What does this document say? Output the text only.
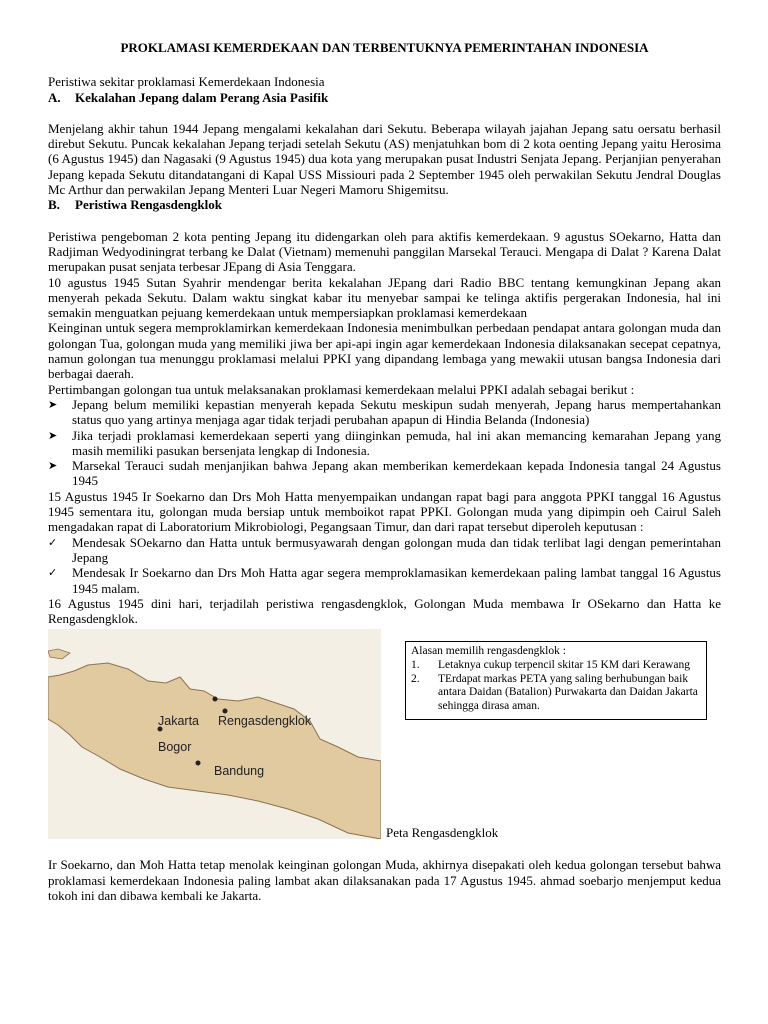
PROKLAMASI KEMERDEKAAN DAN TERBENTUKNYA PEMERINTAHAN INDONESIA

Peristiwa sekitar proklamasi Kemerdekaan Indonesia

A.	Kekalahan Jepang dalam Perang Asia Pasifik

Menjelang akhir tahun 1944 Jepang mengalami kekalahan dari Sekutu. Beberapa wilayah jajahan Jepang satu oersatu berhasil direbut Sekutu. Puncak kekalahan Jepang terjadi setelah Sekutu (AS) menjatuhkan bom di 2 kota oenting Jepang yaitu Herosima (6 Agustus 1945) dan Nagasaki (9 Agustus 1945) dua kota yang merupakan pusat Industri Senjata Jepang. Perjanjian penyerahan Jepang kepada Sekutu ditandatangani di Kapal USS Missiouri pada 2 September 1945 oleh perwakilan Sekutu Jendral Douglas Mc Arthur dan perwakilan Jepang Menteri Luar Negeri Mamoru Shigemitsu.

B.	Peristiwa Rengasdengklok

Peristiwa pengeboman 2 kota penting Jepang itu didengarkan oleh para aktifis kemerdekaan. 9 agustus SOekarno, Hatta dan Radjiman Wedyodiningrat terbang ke Dalat (Vietnam) memenuhi panggilan Marsekal Terauci. Mengapa di Dalat ? Karena Dalat merupakan pusat senjata terbesar JEpang di Asia Tenggara.

10 agustus 1945 Sutan Syahrir mendengar berita kekalahan JEpang dari Radio BBC tentang kemungkinan Jepang akan menyerah pekada Sekutu. Dalam waktu singkat kabar itu menyebar sampai ke telinga aktifis pergerakan Indonesia, hal ini semakin menguatkan pejuang kemerdekaan untuk mempersiapkan proklamasi kemerdekaan

Keinginan untuk segera memproklamirkan kemerdekaan Indonesia menimbulkan perbedaan pendapat antara golongan muda dan golongan Tua, golongan muda yang memiliki jiwa ber api-api ingin agar kemerdekaan Indonesia dilaksanakan secepat cepatnya, namun golongan tua menunggu proklamasi melalui PPKI yang dipandang lembaga yang mewakii utusan bangsa Indonesia dari berbagai daerah.

Pertimbangan golongan tua untuk melaksanakan proklamasi kemerdekaan melalui PPKI adalah sebagai berikut :

➤	Jepang belum memiliki kepastian menyerah kepada Sekutu meskipun sudah menyerah, Jepang harus mempertahankan status quo yang artinya menjaga agar tidak terjadi perubahan apapun di Hindia Belanda (Indonesia)
➤	Jika terjadi proklamasi kemerdekaan seperti yang diinginkan pemuda, hal ini akan memancing kemarahan Jepang yang masih memiliki pasukan bersenjata lengkap di Indonesia.
➤	Marsekal Terauci sudah menjanjikan bahwa Jepang akan memberikan kemerdekaan kepada Indonesia tangal 24 Agustus 1945

15 Agustus 1945 Ir Soekarno dan Drs Moh Hatta menyempaikan undangan rapat bagi para anggota PPKI tanggal 16 Agustus 1945 sementara itu, golongan muda bersiap untuk memboikot rapat PPKI. Golongan muda yang dipimpin oeh Cairul Saleh mengadakan rapat di Laboratorium Mikrobiologi, Pegangsaan Timur, dan dari rapat tersebut diperoleh keputusan :

✓	Mendesak SOekarno dan Hatta untuk bermusyawarah dengan golongan muda dan tidak terlibat lagi dengan pemerintahan Jepang
✓	Mendesak Ir Soekarno dan Drs Moh Hatta agar segera memproklamasikan kemerdekaan paling lambat tanggal 16 Agustus 1945 malam.

16 Agustus 1945 dini hari, terjadilah peristiwa rengasdengklok, Golongan Muda membawa Ir OSekarno dan Hatta ke Rengasdengklok.

Jakarta Rengasdengklok
Bogor
Bandung
Alasan memilih rengasdengklok :
1.	Letaknya cukup terpencil skitar 15 KM dari Kerawang
2.	TErdapat markas PETA yang saling berhubungan baik antara Daidan (Batalion) Purwakarta dan Daidan Jakarta sehingga dirasa aman.
Peta Rengasdengklok

Ir Soekarno, dan Moh Hatta tetap menolak keinginan golongan Muda, akhirnya disepakati oleh kedua golongan tersebut bahwa proklamasi kemerdekaan Indonesia paling lambat akan dilaksanakan pada 17 Agustus 1945. ahmad soebarjo menjemput kedua tokoh ini dan dibawa kembali ke Jakarta.
